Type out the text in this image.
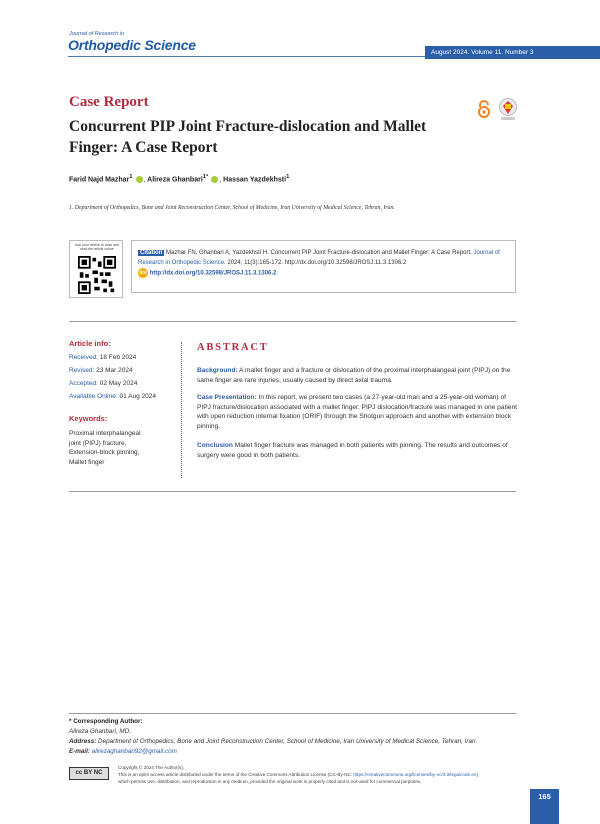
Journal of Research in
Orthopedic Science	August 2024. Volume 11. Number 3
Case Report
Concurrent PIP Joint Fracture-dislocation and Mallet Finger: A Case Report
Farid Najd Mazhar$^1$ , Alireza Ghanbari$^{1*}$ , Hassan Yazdekhsti$^1$
1. Department of Orthopedics, Bone and Joint Reconstruction Center, School of Medicine, Iran University of Medical Science, Tehran, Iran.
Use your device to scan and read the article online
Citation Mazhar FN, Ghanbari A, Yazdekhsti H. Concurrent PIP Joint Fracture-dislocation and Mallet Finger: A Case Report. Journal of Research in Orthopedic Science. 2024; 11(3):165-172. http://dx.doi.org/10.32598/JROSJ.11.3.1306.2
doi http://dx.doi.org/10.32598/JROSJ.11.3.1306.2
Article info:
Received: 18 Feb 2024
Revised: 23 Mar 2024
Accepted: 02 May 2024
Available Online: 01 Aug 2024
Keywords:
Proximal interphalangeal
joint (PIPJ) fracture,
Extension-block pinning,
Mallet finger
ABSTRACT
Background: A mallet finger and a fracture or dislocation of the proximal interphalangeal joint (PIPJ) on the same finger are rare injuries, usually caused by direct axial trauma.
Case Presentation: In this report, we present two cases (a 27-year-old man and a 25-year-old woman) of PIPJ fracture/dislocation associated with a mallet finger. PIPJ dislocation/fracture was managed in one patient with open reduction internal fixation (ORIF) through the Shotgun approach and another with extension block pinning.
Conclusion Mallet finger fracture was managed in both patients with pinning. The results and outcomes of surgery were good in both patients.
* Corresponding Author:
Alireza Ghanbari, MD.
Address: Department of Orthopedics, Bone and Joint Reconstruction Center, School of Medicine, Iran University of Medical Science, Tehran, Iran.
E-mail: alirezaghanbari92@gmail.com
cc BY NC
Copyright © 2024 The Author(s);
This is an open access article distributed under the terms of the Creative Commons Attribution License (CC-By-NC: https://creativecommons.org/licenses/by-nc/4.0/legalcode.en),
which permits use, distribution, and reproduction in any medium, provided the original work is properly cited and is not used for commercial purposes.
165
